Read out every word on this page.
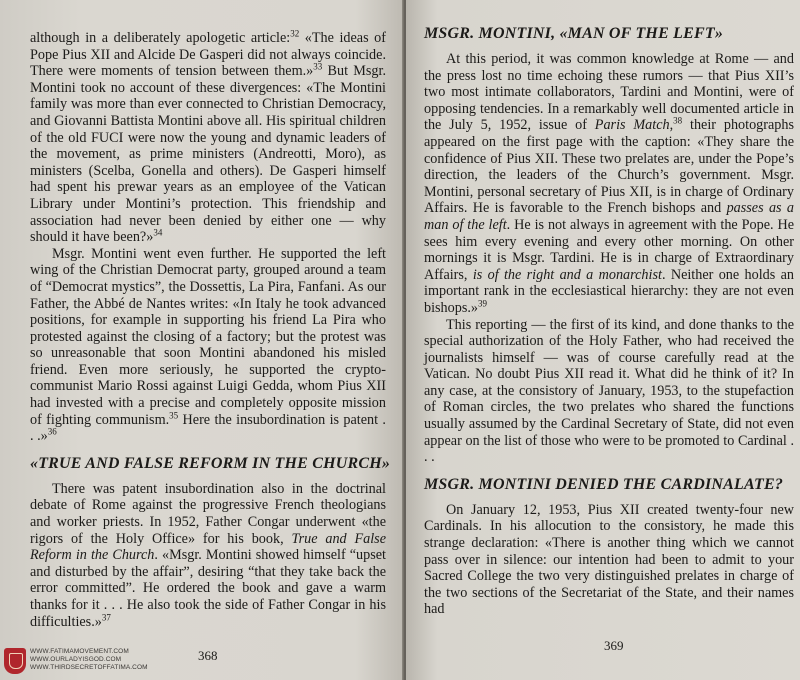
although in a deliberately apologetic article:$^{32}$ «The ideas of Pope Pius XII and Alcide De Gasperi did not always coincide. There were moments of tension between them.»$^{33}$ But Msgr. Montini took no account of these divergences: «The Montini family was more than ever connected to Christian Democracy, and Giovanni Battista Montini above all. His spiritual children of the old FUCI were now the young and dynamic leaders of the movement, as prime ministers (Andreotti, Moro), as ministers (Scelba, Gonella and others). De Gasperi himself had spent his prewar years as an employee of the Vatican Library under Montini’s protection. This friendship and association had never been denied by either one — why should it have been?»$^{34}$

Msgr. Montini went even further. He supported the left wing of the Christian Democrat party, grouped around a team of “Democrat mystics”, the Dossettis, La Pira, Fanfani. As our Father, the Abbé de Nantes writes: «In Italy he took advanced positions, for example in supporting his friend La Pira who protested against the closing of a factory; but the protest was so unreasonable that soon Montini abandoned his misled friend. Even more seriously, he supported the crypto-communist Mario Rossi against Luigi Gedda, whom Pius XII had invested with a precise and completely opposite mission of fighting communism.$^{35}$ Here the insubordination is patent . . .»$^{36}$

«TRUE AND FALSE REFORM IN THE CHURCH»

There was patent insubordination also in the doctrinal debate of Rome against the progressive French theologians and worker priests. In 1952, Father Congar underwent «the rigors of the Holy Office» for his book, True and False Reform in the Church. «Msgr. Montini showed himself “upset and disturbed by the affair”, desiring “that they take back the error committed”. He ordered the book and gave a warm thanks for it . . . He also took the side of Father Congar in his difficulties.»$^{37}$

368
WWW.FATIMAMOVEMENT.COM
WWW.OURLADYISGOD.COM
WWW.THIRDSECRETOFFATIMA.COM
MSGR. MONTINI, «MAN OF THE LEFT»

At this period, it was common knowledge at Rome — and the press lost no time echoing these rumors — that Pius XII’s two most intimate collaborators, Tardini and Montini, were of opposing tendencies. In a remarkably well documented article in the July 5, 1952, issue of Paris Match,$^{38}$ their photographs appeared on the first page with the caption: «They share the confidence of Pius XII. These two prelates are, under the Pope’s direction, the leaders of the Church’s government. Msgr. Montini, personal secretary of Pius XII, is in charge of Ordinary Affairs. He is favorable to the French bishops and passes as a man of the left. He is not always in agreement with the Pope. He sees him every evening and every other morning. On other mornings it is Msgr. Tardini. He is in charge of Extraordinary Affairs, is of the right and a monarchist. Neither one holds an important rank in the ecclesiastical hierarchy: they are not even bishops.»$^{39}$

This reporting — the first of its kind, and done thanks to the special authorization of the Holy Father, who had received the journalists himself — was of course carefully read at the Vatican. No doubt Pius XII read it. What did he think of it? In any case, at the consistory of January, 1953, to the stupefaction of Roman circles, the two prelates who shared the functions usually assumed by the Cardinal Secretary of State, did not even appear on the list of those who were to be promoted to Cardinal . . .

MSGR. MONTINI DENIED THE CARDINALATE?

On January 12, 1953, Pius XII created twenty-four new Cardinals. In his allocution to the consistory, he made this strange declaration: «There is another thing which we cannot pass over in silence: our intention had been to admit to your Sacred College the two very distinguished prelates in charge of the two sections of the Secretariat of the State, and their names had

369
